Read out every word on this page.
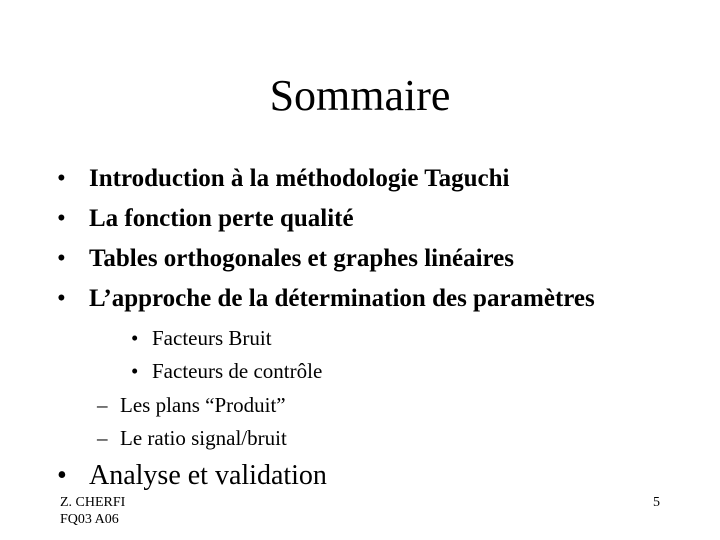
Sommaire
• Introduction à la méthodologie Taguchi
• La fonction perte qualité
• Tables orthogonales et graphes linéaires
• L’approche de la détermination des paramètres
• Facteurs Bruit
• Facteurs de contrôle
– Les plans “Produit”
– Le ratio signal/bruit
• Analyse et validation
Z. CHERFI
FQ03 A06
5
